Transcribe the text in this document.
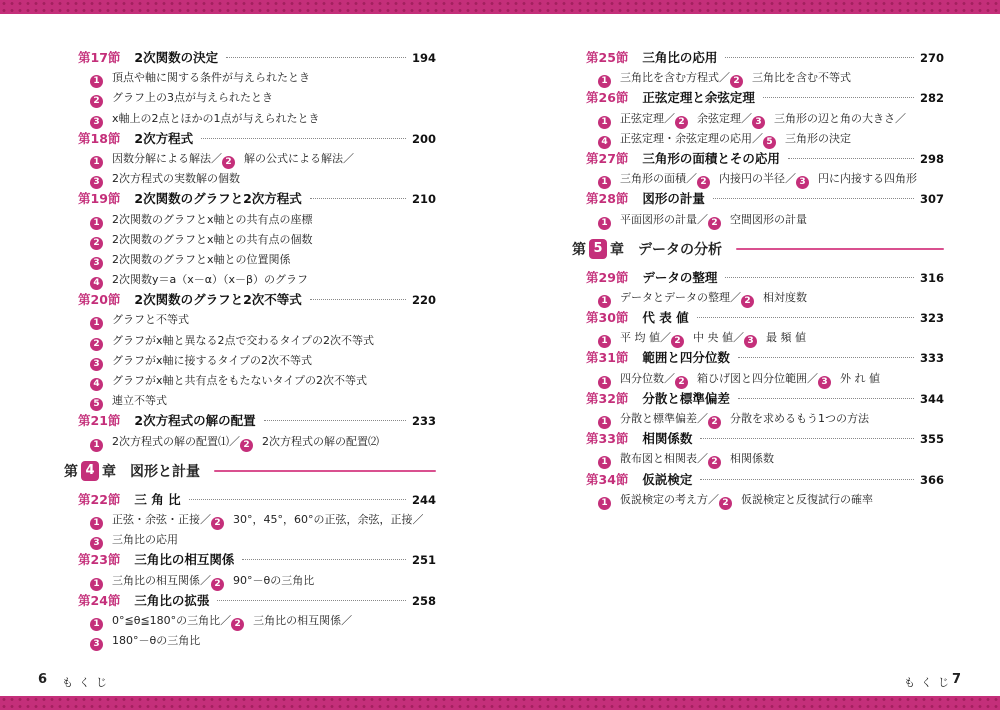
第17節 2次関数の決定	194
1 頂点や軸に関する条件が与えられたとき
2 グラフ上の3点が与えられたとき
3 x軸上の2点とほかの1点が与えられたとき
第18節 2次方程式	200
1 因数分解による解法／ 2 解の公式による解法／
3 2次方程式の実数解の個数
第19節 2次関数のグラフと2次方程式	210
1 2次関数のグラフとx軸との共有点の座標
2 2次関数のグラフとx軸との共有点の個数
3 2次関数のグラフとx軸との位置関係
4 2次関数y＝a（x－α）（x－β）のグラフ
第20節 2次関数のグラフと2次不等式	220
1 グラフと不等式
2 グラフがx軸と異なる2点で交わるタイプの2次不等式
3 グラフがx軸に接するタイプの2次不等式
4 グラフがx軸と共有点をもたないタイプの2次不等式
5 連立不等式
第21節 2次方程式の解の配置	233
1 2次方程式の解の配置⑴／ 2 2次方程式の解の配置⑵
第 4 章 図形と計量
第22節 三 角 比	244
1 正弦・余弦・正接／ 2 30°，45°，60°の正弦，余弦，正接／
3 三角比の応用
第23節 三角比の相互関係	251
1 三角比の相互関係／ 2 90°－θの三角比
第24節 三角比の拡張	258
1 0°≦θ≦180°の三角比／ 2 三角比の相互関係／
3 180°－θの三角比
第25節 三角比の応用	270
1 三角比を含む方程式／ 2 三角比を含む不等式
第26節 正弦定理と余弦定理	282
1 正弦定理／ 2 余弦定理／ 3 三角形の辺と角の大きさ／
4 正弦定理・余弦定理の応用／ 5 三角形の決定
第27節 三角形の面積とその応用	298
1 三角形の面積／ 2 内接円の半径／ 3 円に内接する四角形
第28節 図形の計量	307
1 平面図形の計量／ 2 空間図形の計量
第 5 章 データの分析
第29節 データの整理	316
1 データとデータの整理／ 2 相対度数
第30節 代 表 値	323
1 平 均 値／ 2 中 央 値／ 3 最 頻 値
第31節 範囲と四分位数	333
1 四分位数／ 2 箱ひげ図と四分位範囲／ 3 外 れ 値
第32節 分散と標準偏差	344
1 分散と標準偏差／ 2 分散を求めるもう1つの方法
第33節 相関係数	355
1 散布図と相関表／ 2 相関係数
第34節 仮説検定	366
1 仮説検定の考え方／ 2 仮説検定と反復試行の確率
6 もくじ	もくじ
7
